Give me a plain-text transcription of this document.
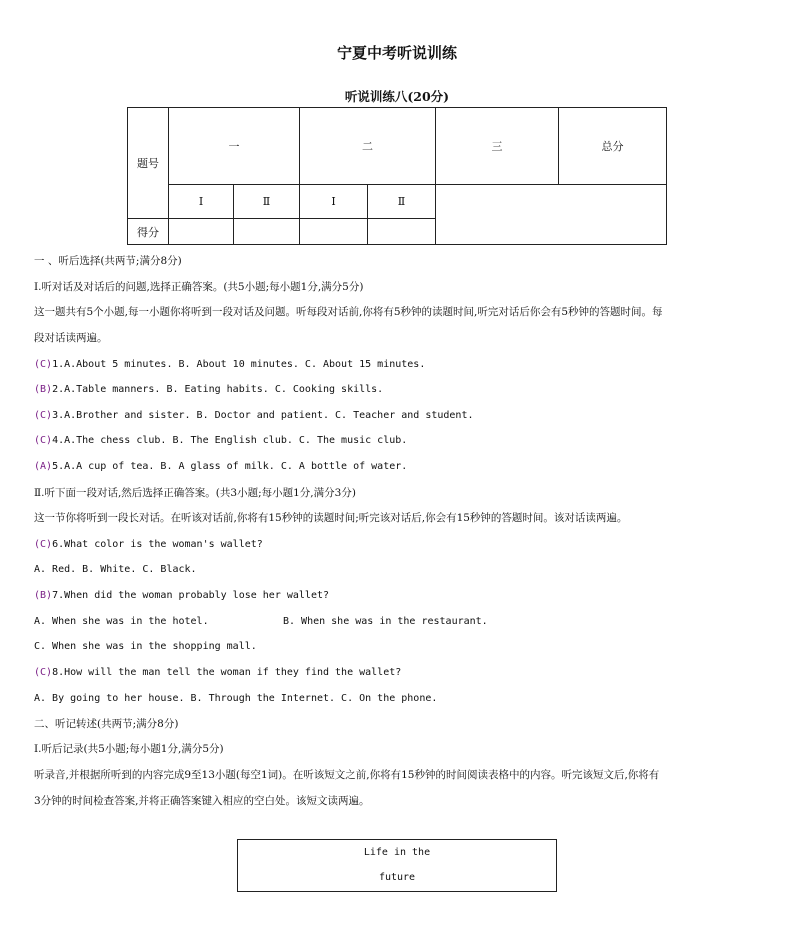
宁夏中考听说训练
听说训练八(20分)
题号	一		二		三	总分
	Ⅰ	Ⅱ	Ⅰ	Ⅱ		
得分						
一 、听后选择(共两节;满分8分)
Ⅰ.听对话及对话后的问题,选择正确答案。(共5小题;每小题1分,满分5分)
这一题共有5个小题,每一小题你将听到一段对话及问题。听每段对话前,你将有5秒钟的读题时间,听完对话后你会有5秒钟的答题时间。每
段对话读两遍。
(C)1.A.About 5 minutes. B. About 10 minutes. C. About 15 minutes.
(B)2.A.Table manners. B. Eating habits. C. Cooking skills.
(C)3.A.Brother and sister. B. Doctor and patient. C. Teacher and student.
(C)4.A.The chess club. B. The English club. C. The music club.
(A)5.A.A cup of tea. B. A glass of milk. C. A bottle of water.
Ⅱ.听下面一段对话,然后选择正确答案。(共3小题;每小题1分,满分3分)
这一节你将听到一段长对话。在听该对话前,你将有15秒钟的读题时间;听完该对话后,你会有15秒钟的答题时间。该对话读两遍。
(C)6.What color is the woman's wallet?
A. Red. B. White. C. Black.
(B)7.When did the woman probably lose her wallet?
A. When she was in the hotel.	B. When she was in the restaurant.
C. When she was in the shopping mall.
(C)8.How will the man tell the woman if they find the wallet?
A. By going to her house. B. Through the Internet. C. On the phone.
二、听记转述(共两节;满分8分)
Ⅰ.听后记录(共5小题;每小题1分,满分5分)
听录音,并根据所听到的内容完成9至13小题(每空1词)。在听该短文之前,你将有15秒钟的时间阅读表格中的内容。听完该短文后,你将有
3分钟的时间检查答案,并将正确答案键入相应的空白处。该短文读两遍。
Life in the
future
